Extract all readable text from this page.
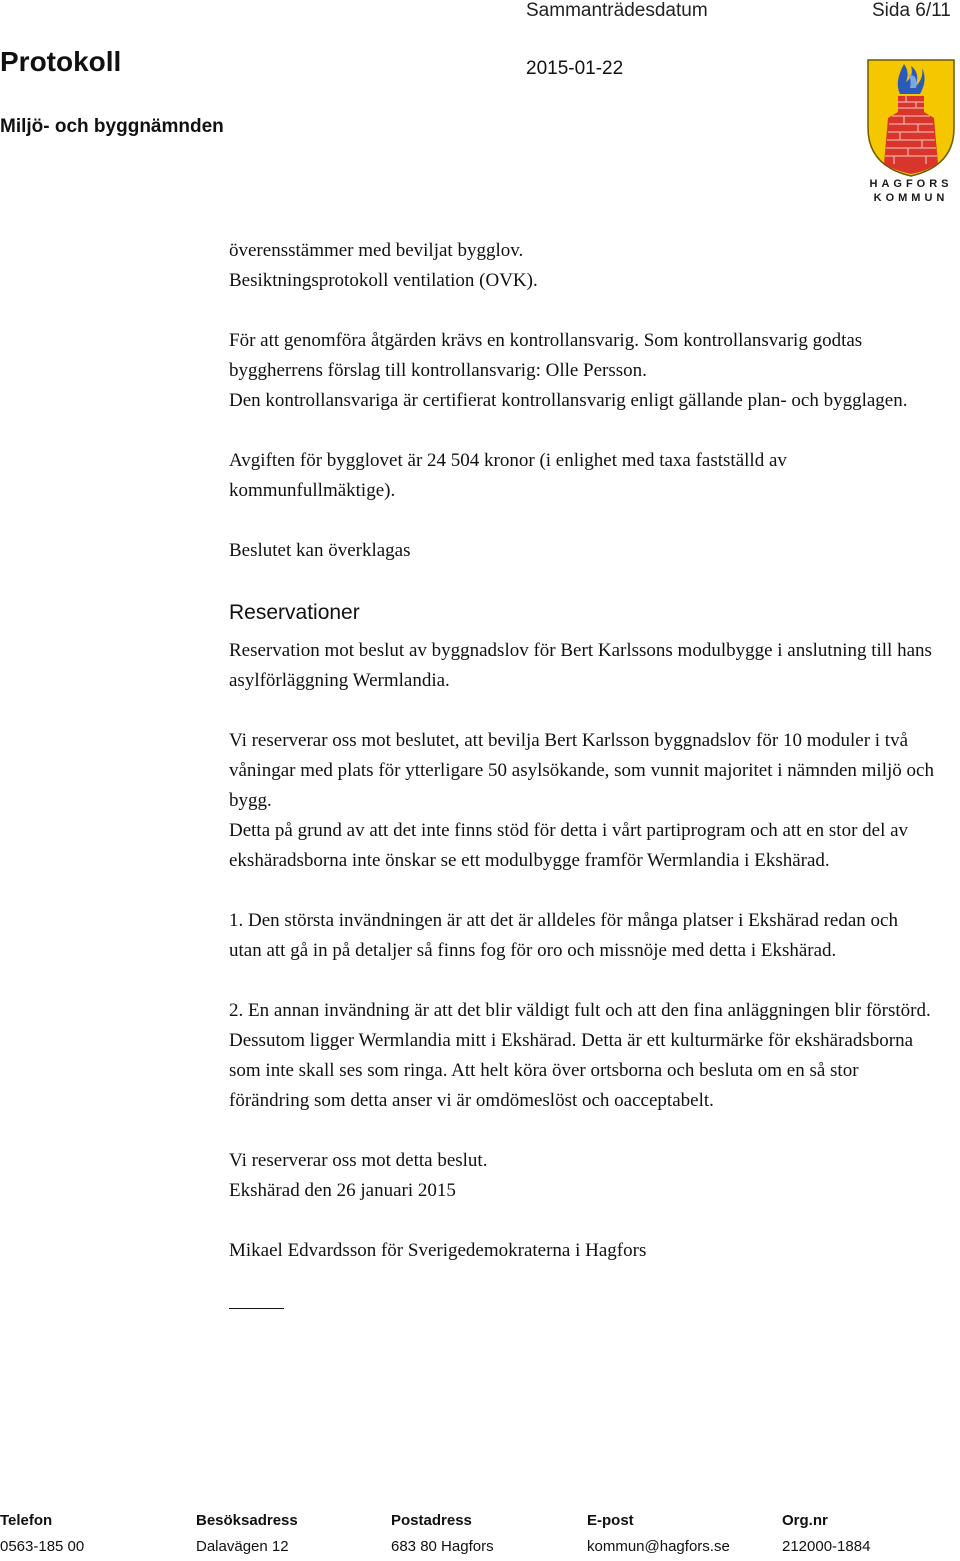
Sammanträdesdatum	Sida 6/11
Protokoll	2015-01-22
Miljö- och byggnämnden
HAGFORS
KOMMUN

överensstämmer med beviljat bygglov.

Besiktningsprotokoll ventilation (OVK).

För att genomföra åtgärden krävs en kontrollansvarig. Som kontrollansvarig godtas byggherrens förslag till kontrollansvarig: Olle Persson.

Den kontrollansvariga är certifierat kontrollansvarig enligt gällande plan- och bygglagen.

Avgiften för bygglovet är 24 504 kronor (i enlighet med taxa fastställd av kommunfullmäktige).

Beslutet kan överklagas

Reservationer

Reservation mot beslut av byggnadslov för Bert Karlssons modulbygge i anslutning till hans asylförläggning Wermlandia.

Vi reserverar oss mot beslutet, att bevilja Bert Karlsson byggnadslov för 10 moduler i två våningar med plats för ytterligare 50 asylsökande, som vunnit majoritet i nämnden miljö och bygg.

Detta på grund av att det inte finns stöd för detta i vårt partiprogram och att en stor del av ekshäradsborna inte önskar se ett modulbygge framför Wermlandia i Ekshärad.

1. Den största invändningen är att det är alldeles för många platser i Ekshärad redan och utan att gå in på detaljer så finns fog för oro och missnöje med detta i Ekshärad.

2. En annan invändning är att det blir väldigt fult och att den fina anläggningen blir förstörd. Dessutom ligger Wermlandia mitt i Ekshärad. Detta är ett kulturmärke för ekshäradsborna som inte skall ses som ringa. Att helt köra över ortsborna och besluta om en så stor förändring som detta anser vi är omdömeslöst och oacceptabelt.

Vi reserverar oss mot detta beslut.

Ekshärad den 26 januari 2015

Mikael Edvardsson för Sverigedemokraterna i Hagfors

Telefon	Besöksadress	Postadress	E-post	Org.nr
0563-185 00	Dalavägen 12	683 80 Hagfors	kommun@hagfors.se	212000-1884
